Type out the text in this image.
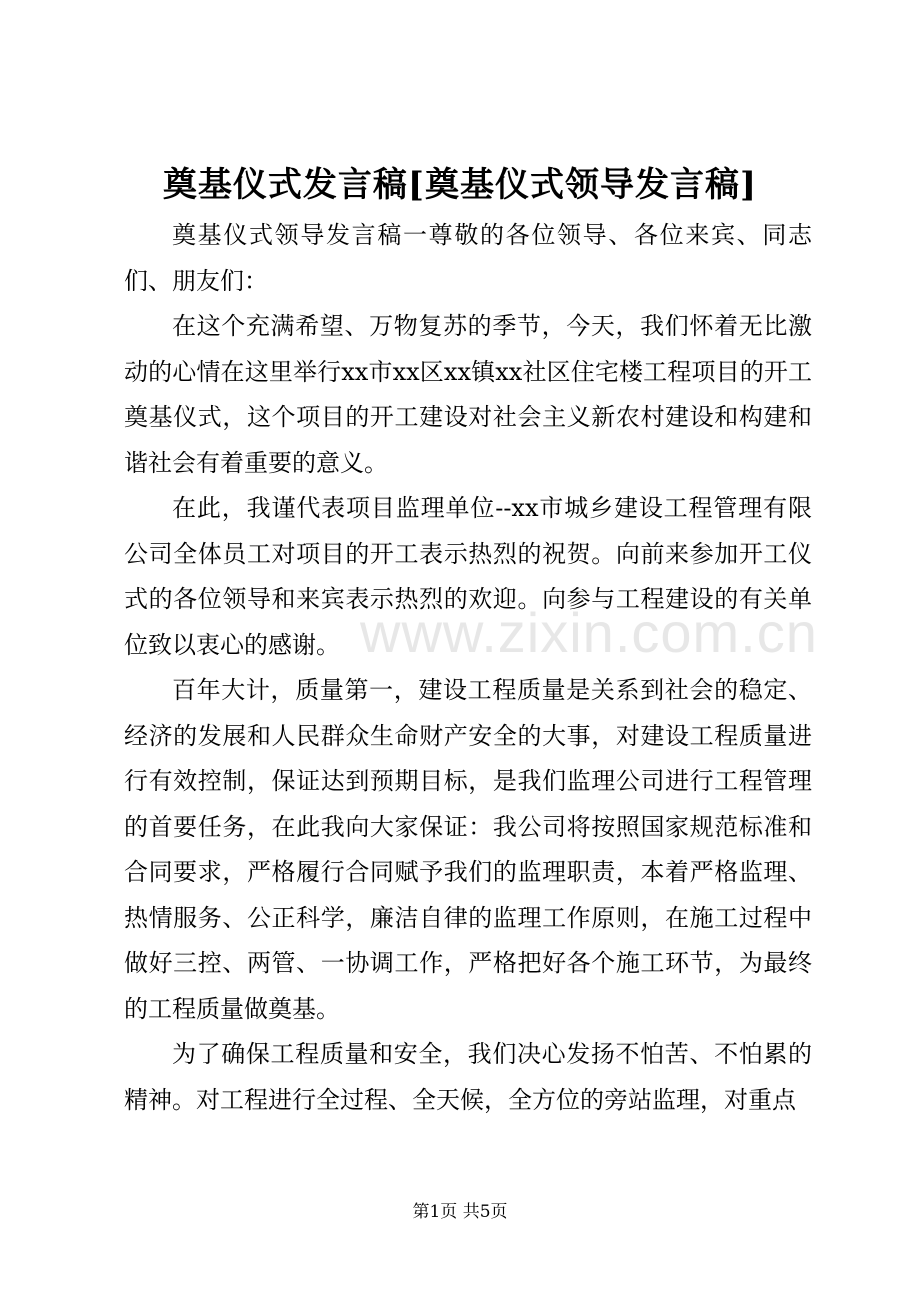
奠基仪式发言稿[奠基仪式领导发言稿]

奠基仪式领导发言稿一尊敬的各位领导、各位来宾、同志们、朋友们：

在这个充满希望、万物复苏的季节，今天，我们怀着无比激动的心情在这里举行xx市xx区xx镇xx社区住宅楼工程项目的开工奠基仪式，这个项目的开工建设对社会主义新农村建设和构建和谐社会有着重要的意义。

在此，我谨代表项目监理单位--xx市城乡建设工程管理有限公司全体员工对项目的开工表示热烈的祝贺。向前来参加开工仪式的各位领导和来宾表示热烈的欢迎。向参与工程建设的有关单位致以衷心的感谢。

百年大计，质量第一，建设工程质量是关系到社会的稳定、经济的发展和人民群众生命财产安全的大事，对建设工程质量进行有效控制，保证达到预期目标，是我们监理公司进行工程管理的首要任务，在此我向大家保证：我公司将按照国家规范标准和合同要求，严格履行合同赋予我们的监理职责，本着严格监理、热情服务、公正科学，廉洁自律的监理工作原则，在施工过程中做好三控、两管、一协调工作，严格把好各个施工环节，为最终的工程质量做奠基。

为了确保工程质量和安全，我们决心发扬不怕苦、不怕累的精神。对工程进行全过程、全天候，全方位的旁站监理，对重点

www.zixin.com.cn
第1页 共5页
